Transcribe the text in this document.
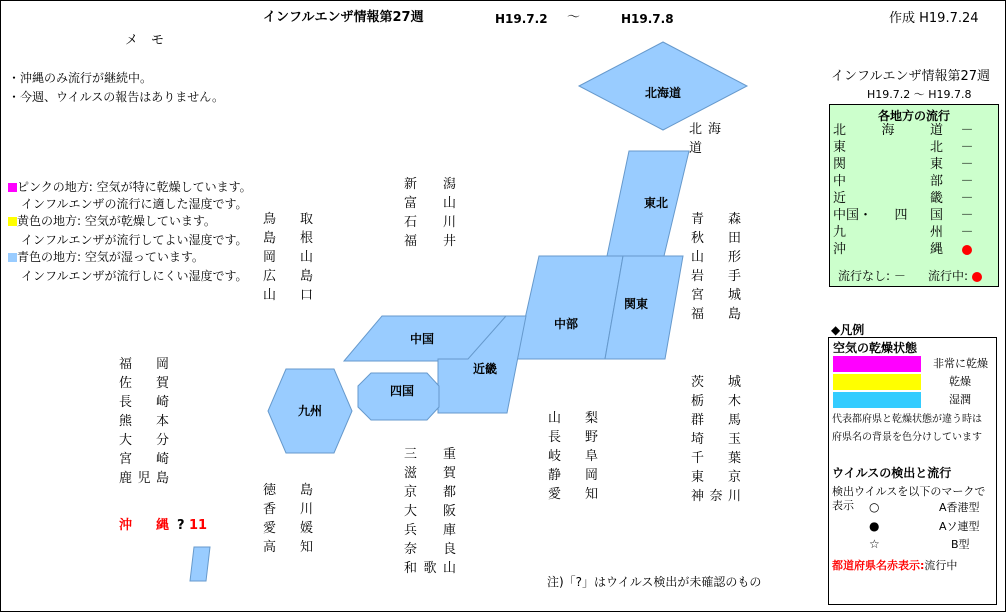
インフルエンザ情報第27週	H19.7.2 ～	H19.7.8	作成 H19.7.24
メ　モ
・沖縄のみ流行が継続中。
・今週、ウイルスの報告はありません。
ピンクの地方: 空気が特に乾燥しています。
インフルエンザの流行に適した湿度です。
黄色の地方: 空気が乾燥しています。
インフルエンザが流行してよい湿度です。
青色の地方: 空気が湿っています。
インフルエンザが流行しにくい湿度です。
北海道
東北
中部
関東
中国
近畿
四国
九州
北海道
青 森
秋 田
山 形
岩 手
宮 城
福 島
新 潟
富 山
石 川
福 井
鳥 取
島 根
岡 山
広 島
山 口
福 岡
佐 賀
長 崎
熊 本
大 分
宮 崎
鹿 児 島
茨 城
栃 木
群 馬
埼 玉
千 葉
東 京
神 奈 川
山 梨
長 野
岐 阜
静 岡
愛 知
三 重
滋 賀
京 都
大 阪
兵 庫
奈 良
和 歌 山
徳 島
香 川
愛 媛
高 知
沖 縄 ? 11
注)「?」はウイルス検出が未確認のもの
インフルエンザ情報第27週
H19.7.2 ～ H19.7.8
各地方の流行
北	海	道	－
東	北	－
関	東	－
中	部	－
近	畿	－
中国・ 四 国	－
九	州	－
沖	縄
流行なし: － 流行中:
◆凡例
空気の乾燥状態
非常に乾燥
乾燥
湿潤
代表都府県と乾燥状態が違う時は
府県名の背景を色分けしています
ウイルスの検出と流行
検出ウイルスを以下のマークで表示	○	A香港型
●	Aソ連型
☆	B型
都道府県名赤表示:流行中
